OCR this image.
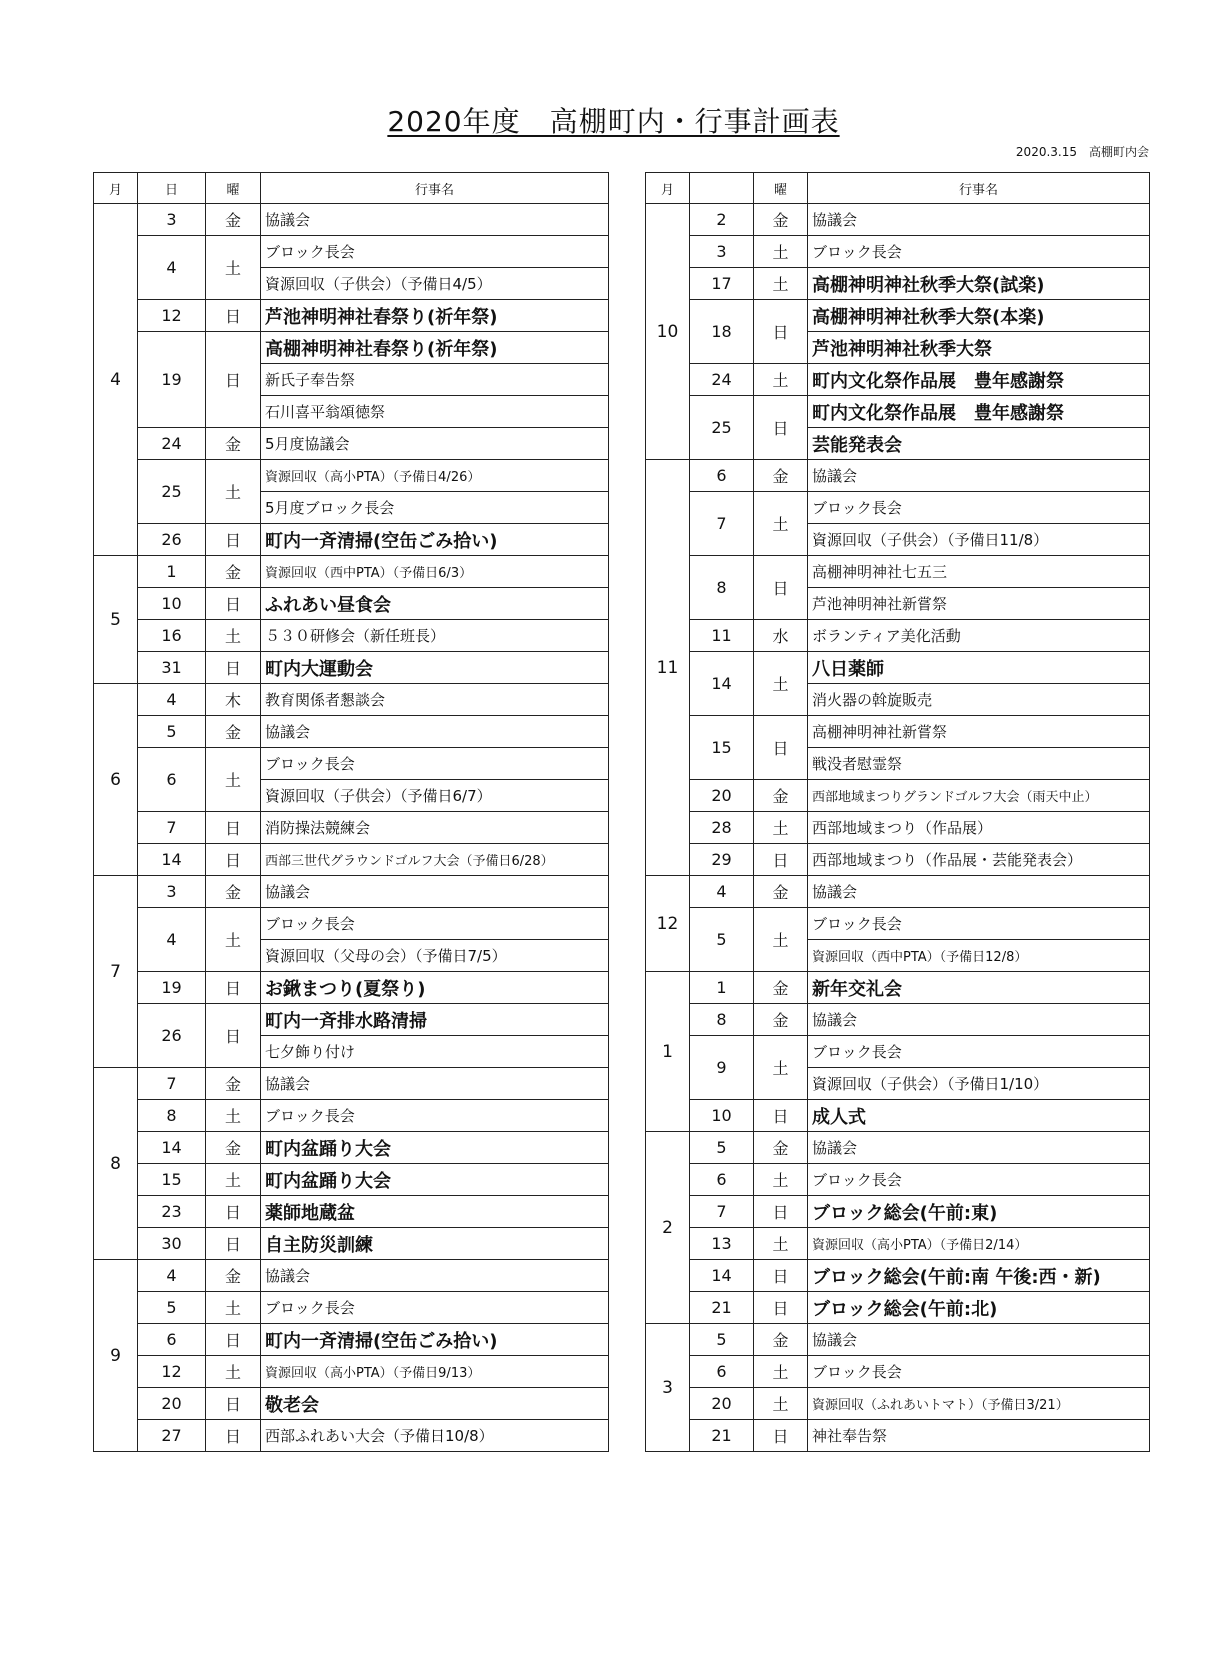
2020年度　高棚町内・行事計画表
2020.3.15　高棚町内会
月	日	曜	行事名
4	3	金	協議会
	4	土	ブロック長会
			資源回収（子供会）（予備日4/5）
	12	日	芦池神明神社春祭り(祈年祭)
	19	日	高棚神明神社春祭り(祈年祭)
			新氏子奉告祭
			石川喜平翁頌徳祭
	24	金	5月度協議会
	25	土	資源回収（高小PTA）（予備日4/26）
			5月度ブロック長会
	26	日	町内一斉清掃(空缶ごみ拾い)
5	1	金	資源回収（西中PTA）（予備日6/3）
	10	日	ふれあい昼食会
	16	土	５３０研修会（新任班長）
	31	日	町内大運動会
6	4	木	教育関係者懇談会
	5	金	協議会
	6	土	ブロック長会
			資源回収（子供会）（予備日6/7）
	7	日	消防操法競練会
	14	日	西部三世代グラウンドゴルフ大会（予備日6/28）
7	3	金	協議会
	4	土	ブロック長会
			資源回収（父母の会）（予備日7/5）
	19	日	お鍬まつり(夏祭り)
	26	日	町内一斉排水路清掃
			七夕飾り付け
8	7	金	協議会
	8	土	ブロック長会
	14	金	町内盆踊り大会
	15	土	町内盆踊り大会
	23	日	薬師地蔵盆
	30	日	自主防災訓練
9	4	金	協議会
	5	土	ブロック長会
	6	日	町内一斉清掃(空缶ごみ拾い)
	12	土	資源回収（高小PTA）（予備日9/13）
	20	日	敬老会
	27	日	西部ふれあい大会（予備日10/8）
月		曜	行事名
10	2	金	協議会
	3	土	ブロック長会
	17	土	高棚神明神社秋季大祭(試楽)
	18	日	高棚神明神社秋季大祭(本楽)
			芦池神明神社秋季大祭
	24	土	町内文化祭作品展　豊年感謝祭
	25	日	町内文化祭作品展　豊年感謝祭
			芸能発表会
11	6	金	協議会
	7	土	ブロック長会
			資源回収（子供会）（予備日11/8）
	8	日	高棚神明神社七五三
			芦池神明神社新嘗祭
	11	水	ボランティア美化活動
	14	土	八日薬師
			消火器の斡旋販売
	15	日	高棚神明神社新嘗祭
			戦没者慰霊祭
	20	金	西部地域まつりグランドゴルフ大会（雨天中止）
	28	土	西部地域まつり（作品展）
	29	日	西部地域まつり（作品展・芸能発表会）
12	4	金	協議会
	5	土	ブロック長会
			資源回収（西中PTA）（予備日12/8）
1	1	金	新年交礼会
	8	金	協議会
	9	土	ブロック長会
			資源回収（子供会）（予備日1/10）
	10	日	成人式
2	5	金	協議会
	6	土	ブロック長会
	7	日	ブロック総会(午前:東)
	13	土	資源回収（高小PTA）（予備日2/14）
	14	日	ブロック総会(午前:南 午後:西・新)
	21	日	ブロック総会(午前:北)
3	5	金	協議会
	6	土	ブロック長会
	20	土	資源回収（ふれあいトマト）（予備日3/21）
	21	日	神社奉告祭
